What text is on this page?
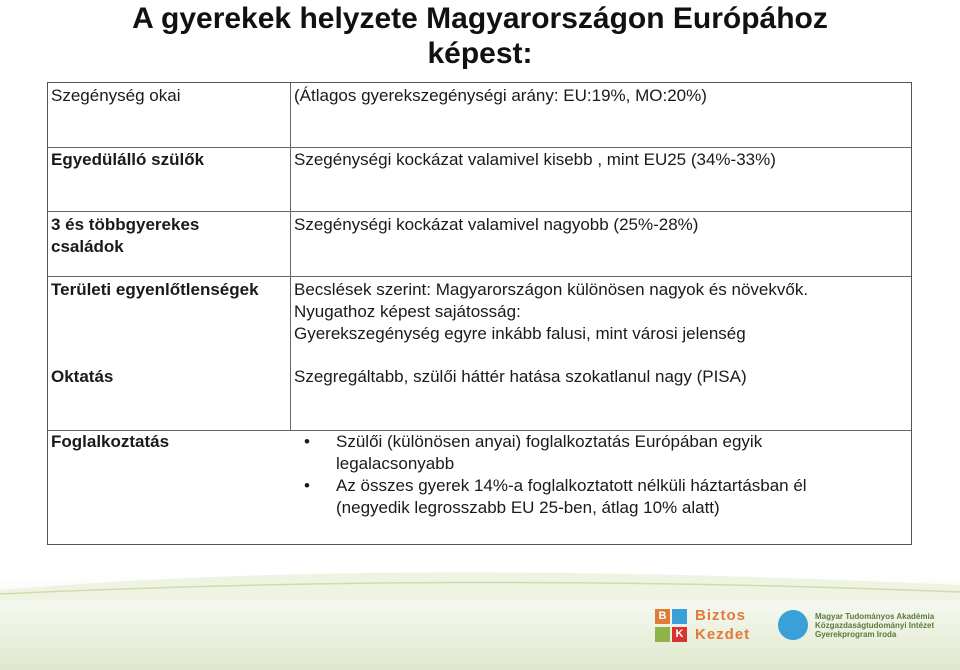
A gyerekek helyzete Magyarországon Európához
képest:
Szegénység okai	(Átlagos gyerekszegénységi arány: EU:19%, MO:20%)
Egyedülálló szülők	Szegénységi kockázat valamivel kisebb , mint EU25 (34%-33%)
3 és többgyerekes
családok
Szegénységi kockázat valamivel nagyobb (25%-28%)
Területi egyenlőtlenségek	Becslések szerint: Magyarországon különösen nagyok és növekvők.
Nyugathoz képest sajátosság:
Gyerekszegénység egyre inkább falusi, mint városi jelenség
Oktatás	Szegregáltabb, szülői háttér hatása szokatlanul nagy (PISA)
Foglalkoztatás
•	Szülői (különösen anyai) foglalkoztatás Európában egyik
legalacsonyabb
• Az összes gyerek 14%-a foglalkoztatott nélküli háztartásban él
(negyedik legrosszabb EU 25-ben, átlag 10% alatt)
B
K
Biztos
Kezdet
Magyar Tudományos Akadémia
Közgazdaságtudományi Intézet
Gyerekprogram Iroda
